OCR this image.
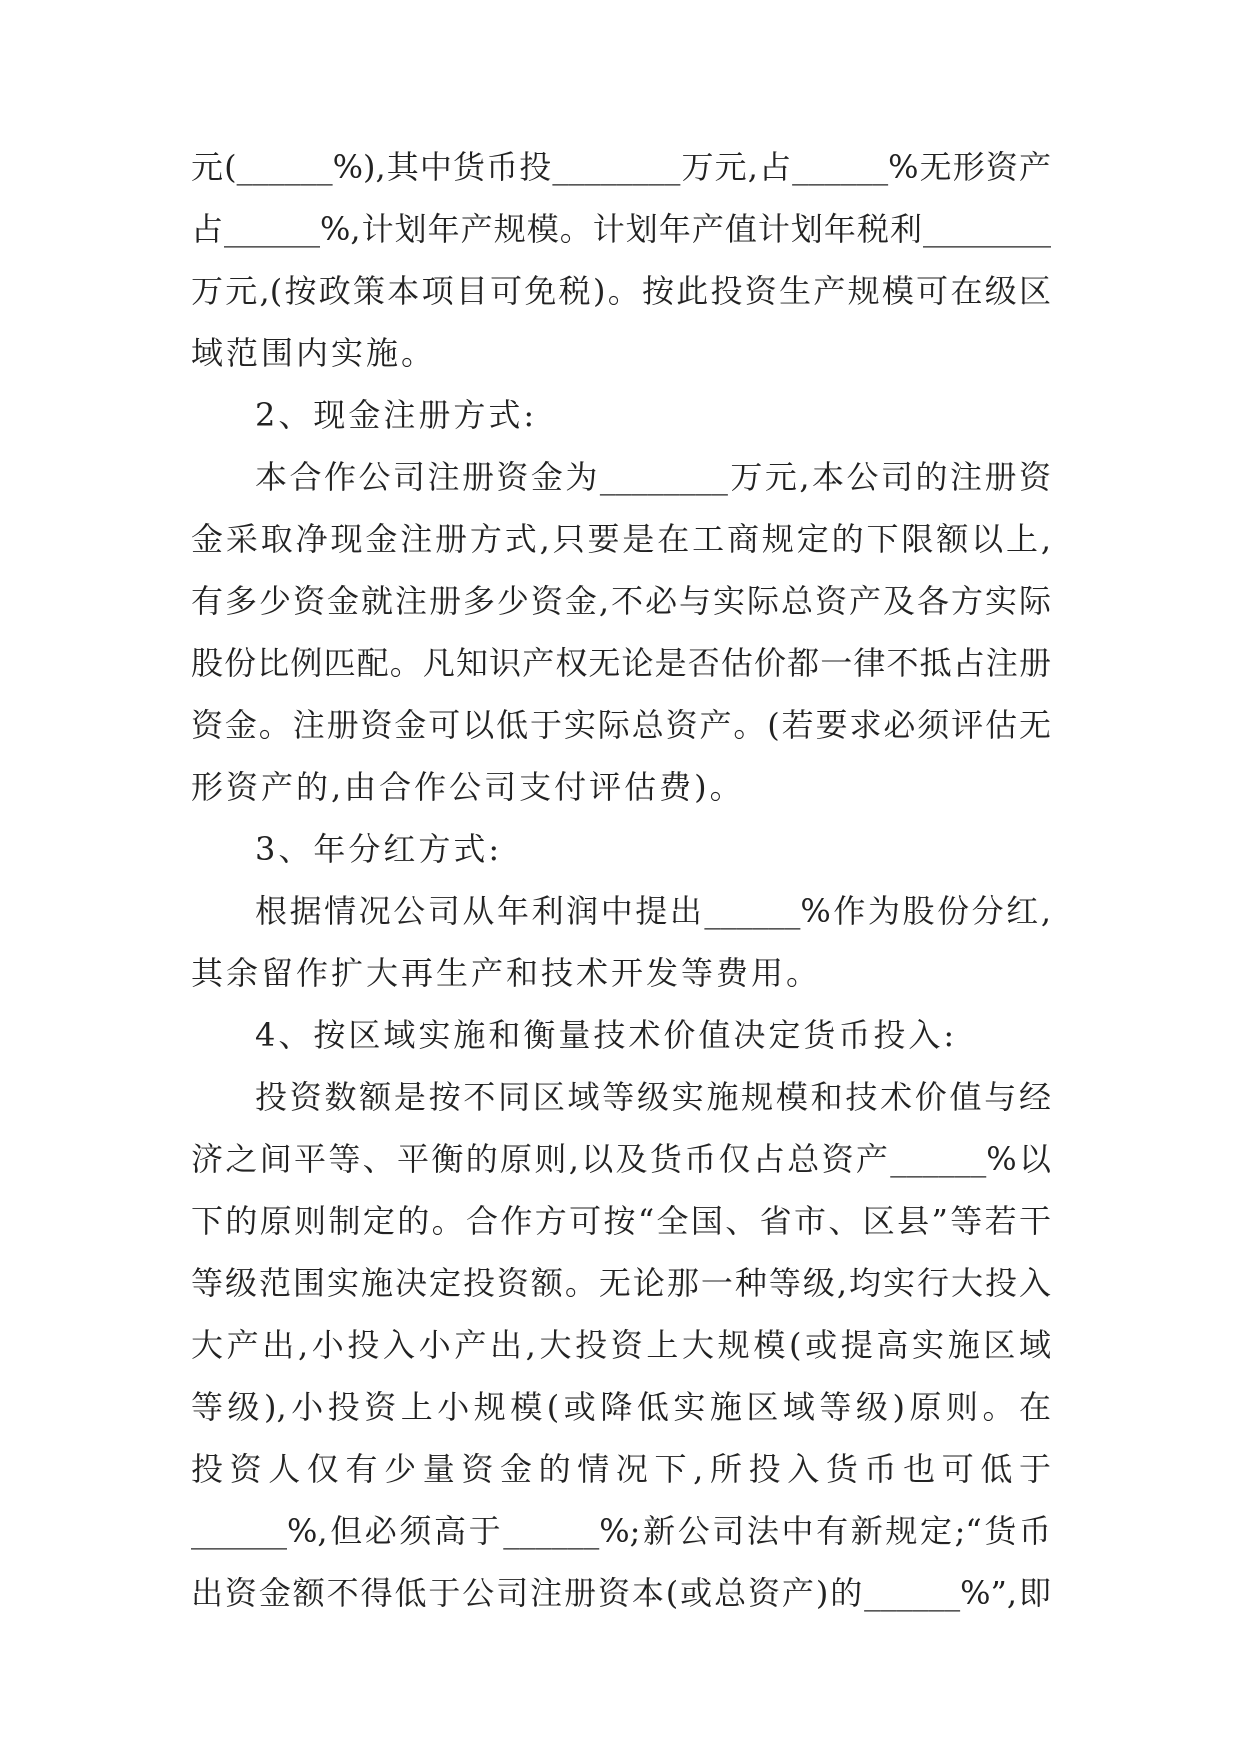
元(______%),其中货币投________万元,占______%无形资产
占______%,计划年产规模。计划年产值计划年税利________
万元,(按政策本项目可免税)。按此投资生产规模可在级区
域范围内实施。
2、现金注册方式:
本合作公司注册资金为________万元,本公司的注册资
金采取净现金注册方式,只要是在工商规定的下限额以上,
有多少资金就注册多少资金,不必与实际总资产及各方实际
股份比例匹配。凡知识产权无论是否估价都一律不抵占注册
资金。注册资金可以低于实际总资产。(若要求必须评估无
形资产的,由合作公司支付评估费)。
3、年分红方式:
根据情况公司从年利润中提出______%作为股份分红,
其余留作扩大再生产和技术开发等费用。
4、按区域实施和衡量技术价值决定货币投入:
投资数额是按不同区域等级实施规模和技术价值与经
济之间平等、平衡的原则,以及货币仅占总资产______%以
下的原则制定的。合作方可按“全国、省市、区县”等若干
等级范围实施决定投资额。无论那一种等级,均实行大投入
大产出,小投入小产出,大投资上大规模(或提高实施区域
等级),小投资上小规模(或降低实施区域等级)原则。在
投资人仅有少量资金的情况下,所投入货币也可低于
______%,但必须高于______%;新公司法中有新规定;“货币
出资金额不得低于公司注册资本(或总资产)的______%”,即
